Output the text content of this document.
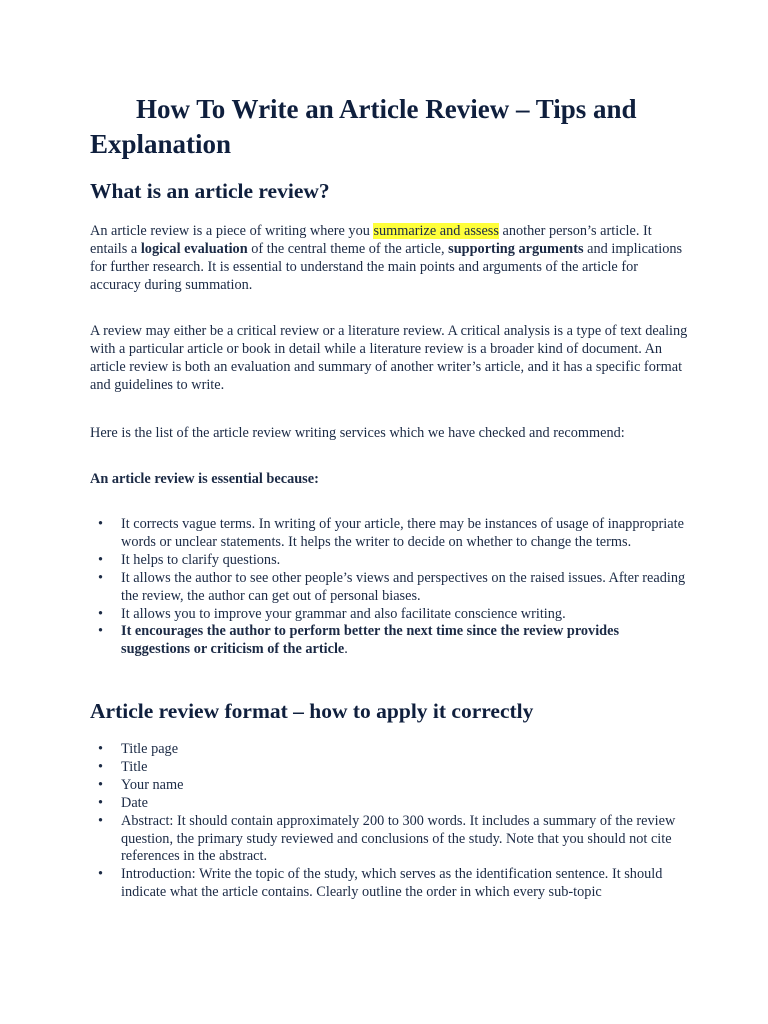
How To Write an Article Review – Tips and Explanation
What is an article review?

An article review is a piece of writing where you summarize and assess another person’s article. It entails a logical evaluation of the central theme of the article, supporting arguments and implications for further research. It is essential to understand the main points and arguments of the article for accuracy during summation.

A review may either be a critical review or a literature review. A critical analysis is a type of text dealing with a particular article or book in detail while a literature review is a broader kind of document. An article review is both an evaluation and summary of another writer’s article, and it has a specific format and guidelines to write.

Here is the list of the article review writing services which we have checked and recommend:

An article review is essential because:

• It corrects vague terms. In writing of your article, there may be instances of usage of inappropriate words or unclear statements. It helps the writer to decide on whether to change the terms.
• It helps to clarify questions.
• It allows the author to see other people’s views and perspectives on the raised issues. After reading the review, the author can get out of personal biases.
• It allows you to improve your grammar and also facilitate conscience writing.
• It encourages the author to perform better the next time since the review provides suggestions or criticism of the article.
Article review format – how to apply it correctly
• Title page
• Title
• Your name
• Date
• Abstract: It should contain approximately 200 to 300 words. It includes a summary of the review question, the primary study reviewed and conclusions of the study. Note that you should not cite references in the abstract.
• Introduction: Write the topic of the study, which serves as the identification sentence. It should indicate what the article contains. Clearly outline the order in which every sub-topic
